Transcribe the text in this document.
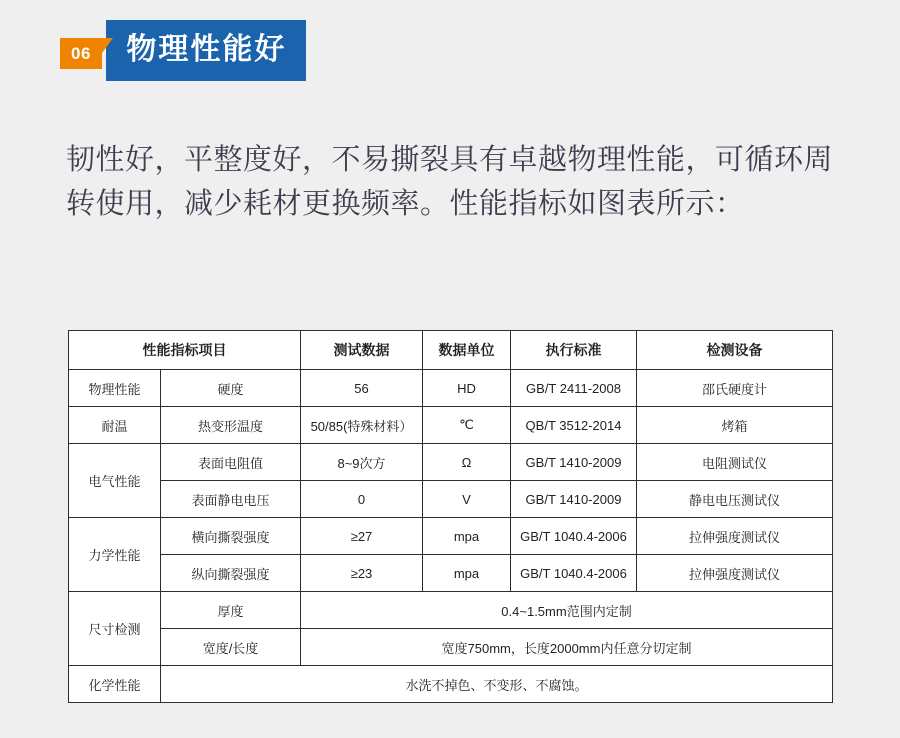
06 物理性能好
韧性好，平整度好，不易撕裂具有卓越物理性能，可循环周转使用，减少耗材更换频率。性能指标如图表所示：
性能指标项目		测试数据	数据单位	执行标准	检测设备
物理性能	硬度	56	HD	GB/T 2411-2008	邵氏硬度计
耐温	热变形温度	50/85(特殊材料）	℃	QB/T 3512-2014	烤箱
电气性能	表面电阻值	8~9次方	Ω	GB/T 1410-2009	电阻测试仪
	表面静电电压	0	V	GB/T 1410-2009	静电电压测试仪
力学性能	横向撕裂强度	≥27	mpa	GB/T 1040.4-2006	拉伸强度测试仪
	纵向撕裂强度	≥23	mpa	GB/T 1040.4-2006	拉伸强度测试仪
尺寸检测	厚度	0.4~1.5mm范围内定制			
	宽度/长度	宽度750mm，长度2000mm内任意分切定制			
化学性能	水洗不掉色、不变形、不腐蚀。				
